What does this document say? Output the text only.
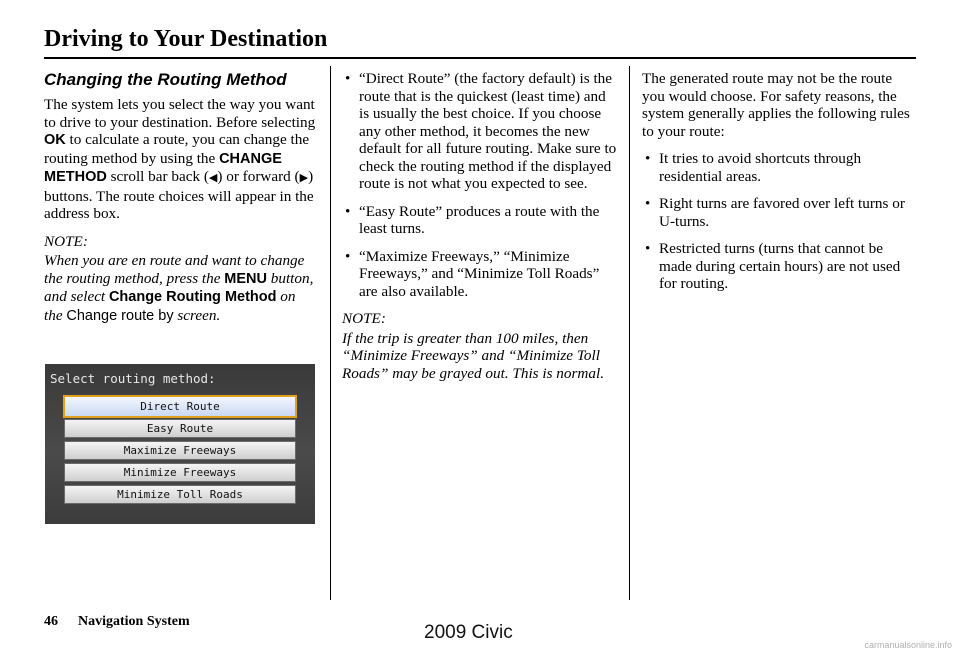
Driving to Your Destination
Changing the Routing Method
The system lets you select the way you want to drive to your destination. Before selecting OK to calculate a route, you can change the routing method by using the CHANGE METHOD scroll bar back (◀) or forward (▶) buttons. The route choices will appear in the address box.
NOTE:
When you are en route and want to change the routing method, press the MENU button, and select Change Routing Method on the Change route by screen.
Select routing method:
Direct Route
Easy Route
Maximize Freeways
Minimize Freeways
Minimize Toll Roads
• “Direct Route” (the factory default) is the route that is the quickest (least time) and is usually the best choice. If you choose any other method, it becomes the new default for all future routing. Make sure to check the routing method if the displayed route is not what you expected to see.
• “Easy Route” produces a route with the least turns.
• “Maximize Freeways,” “Minimize Freeways,” and “Minimize Toll Roads” are also available.
NOTE:
If the trip is greater than 100 miles, then “Minimize Freeways” and “Minimize Toll Roads” may be grayed out. This is normal.
The generated route may not be the route you would choose. For safety reasons, the system generally applies the following rules to your route:
• It tries to avoid shortcuts through residential areas.
• Right turns are favored over left turns or U-turns.
• Restricted turns (turns that cannot be made during certain hours) are not used for routing.
46 Navigation System
2009 Civic
carmanualsonline.info
